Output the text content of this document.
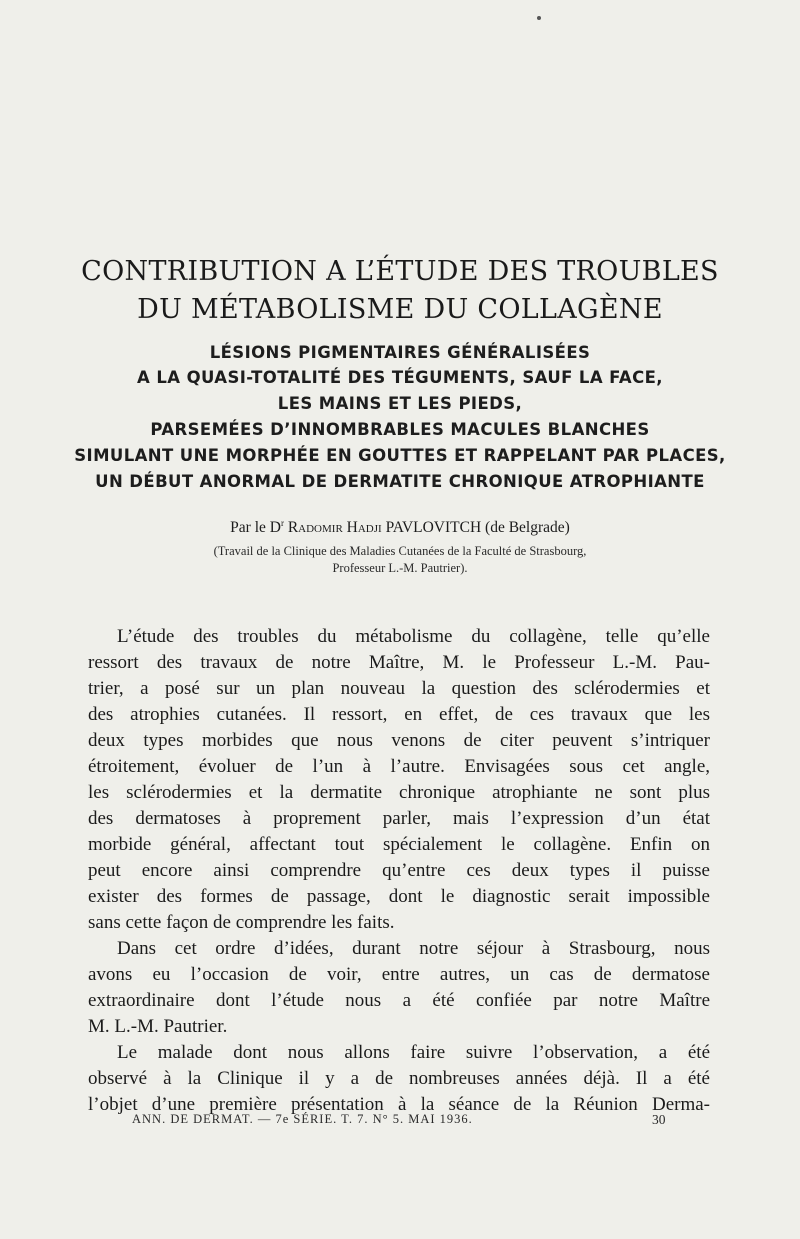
CONTRIBUTION A L’ÉTUDE DES TROUBLES
DU MÉTABOLISME DU COLLAGÈNE
LÉSIONS PIGMENTAIRES GÉNÉRALISÉES
A LA QUASI-TOTALITÉ DES TÉGUMENTS, SAUF LA FACE,
LES MAINS ET LES PIEDS,
PARSEMÉES D’INNOMBRABLES MACULES BLANCHES
SIMULANT UNE MORPHÉE EN GOUTTES ET RAPPELANT PAR PLACES,
UN DÉBUT ANORMAL DE DERMATITE CHRONIQUE ATROPHIANTE
Par le $D^r$ Radomir Hadji PAVLOVITCH (de Belgrade)
(Travail de la Clinique des Maladies Cutanées de la Faculté de Strasbourg,
Professeur L.-M. Pautrier).
L’étude des troubles du métabolisme du collagène, telle qu’elle
ressort des travaux de notre Maître, M. le Professeur L.-M. Pau-
trier, a posé sur un plan nouveau la question des sclérodermies et
des atrophies cutanées. Il ressort, en effet, de ces travaux que les
deux types morbides que nous venons de citer peuvent s’intriquer
étroitement, évoluer de l’un à l’autre. Envisagées sous cet angle,
les sclérodermies et la dermatite chronique atrophiante ne sont plus
des dermatoses à proprement parler, mais l’expression d’un état
morbide général, affectant tout spécialement le collagène. Enfin on
peut encore ainsi comprendre qu’entre ces deux types il puisse
exister des formes de passage, dont le diagnostic serait impossible
sans cette façon de comprendre les faits.
Dans cet ordre d’idées, durant notre séjour à Strasbourg, nous
avons eu l’occasion de voir, entre autres, un cas de dermatose
extraordinaire dont l’étude nous a été confiée par notre Maître
M. L.-M. Pautrier.
Le malade dont nous allons faire suivre l’observation, a été
observé à la Clinique il y a de nombreuses années déjà. Il a été
l’objet d’une première présentation à la séance de la Réunion Derma-
ANN. DE DERMAT. — 7e SÉRIE. T. 7. N° 5. MAI 1936.	30
